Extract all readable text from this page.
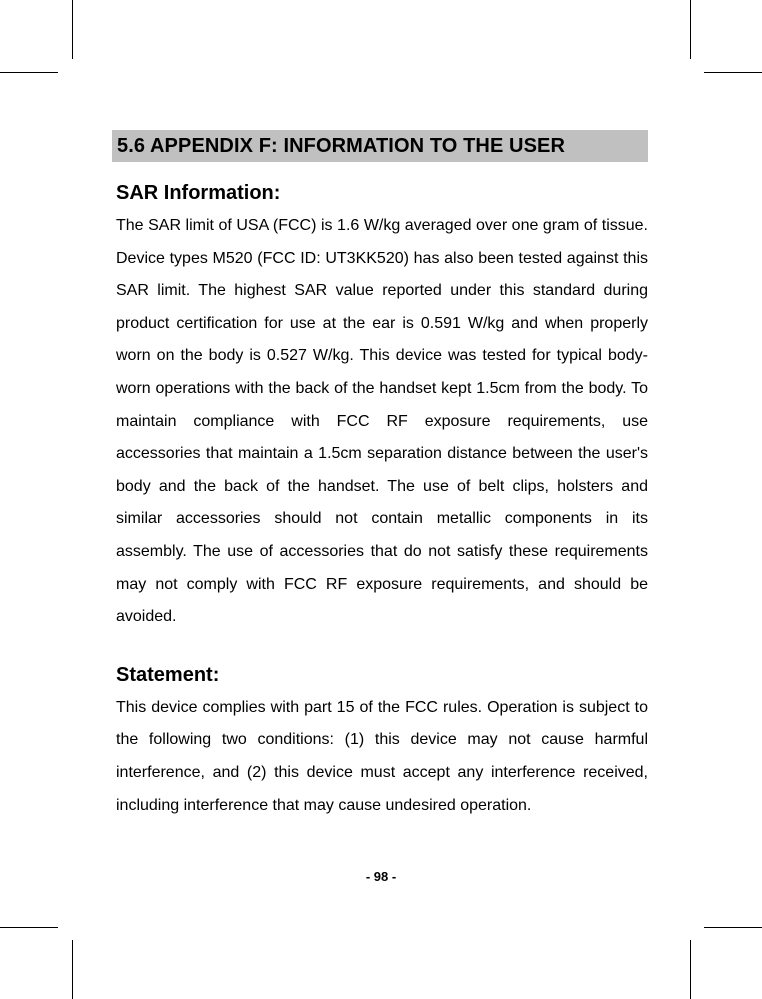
5.6 APPENDIX F: INFORMATION TO THE USER
SAR Information:

The SAR limit of USA (FCC) is 1.6 W/kg averaged over one gram of tissue. Device types M520 (FCC ID: UT3KK520) has also been tested against this SAR limit. The highest SAR value reported under this standard during product certification for use at the ear is 0.591 W/kg and when properly worn on the body is 0.527 W/kg. This device was tested for typical body-worn operations with the back of the handset kept 1.5cm from the body. To maintain compliance with FCC RF exposure requirements, use accessories that maintain a 1.5cm separation distance between the user's body and the back of the handset. The use of belt clips, holsters and similar accessories should not contain metallic components in its assembly. The use of accessories that do not satisfy these requirements may not comply with FCC RF exposure requirements, and should be avoided.

Statement:

This device complies with part 15 of the FCC rules. Operation is subject to the following two conditions: (1) this device may not cause harmful interference, and (2) this device must accept any interference received, including interference that may cause undesired operation.

- 98 -
